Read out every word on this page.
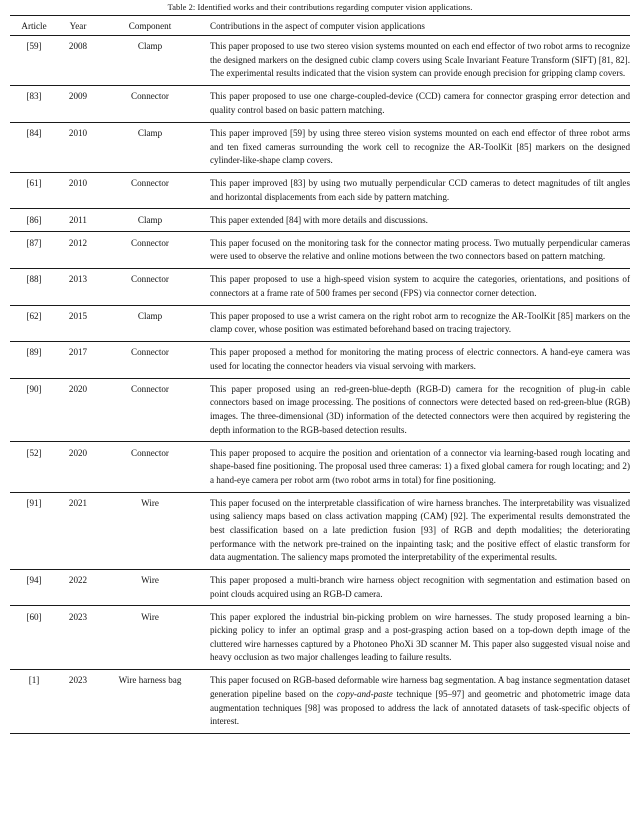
Table 2: Identified works and their contributions regarding computer vision applications.

Article	Year	Component	Contributions in the aspect of computer vision applications

[59]	2008	Clamp	This paper proposed to use two stereo vision systems mounted on each end effector of two robot arms to recognize the designed markers on the designed cubic clamp covers using Scale Invariant Feature Transform (SIFT) [81, 82]. The experimental results indicated that the vision system can provide enough precision for gripping clamp covers.
[83]	2009	Connector	This paper proposed to use one charge-coupled-device (CCD) camera for connector grasping error detection and quality control based on basic pattern matching.
[84]	2010	Clamp	This paper improved [59] by using three stereo vision systems mounted on each end effector of three robot arms and ten fixed cameras surrounding the work cell to recognize the AR-ToolKit [85] markers on the designed cylinder-like-shape clamp covers.
[61]	2010	Connector	This paper improved [83] by using two mutually perpendicular CCD cameras to detect magnitudes of tilt angles and horizontal displacements from each side by pattern matching.
[86]	2011	Clamp	This paper extended [84] with more details and discussions.
[87]	2012	Connector	This paper focused on the monitoring task for the connector mating process. Two mutually perpendicular cameras were used to observe the relative and online motions between the two connectors based on pattern matching.
[88]	2013	Connector	This paper proposed to use a high-speed vision system to acquire the categories, orientations, and positions of connectors at a frame rate of 500 frames per second (FPS) via connector corner detection.
[62]	2015	Clamp	This paper proposed to use a wrist camera on the right robot arm to recognize the AR-ToolKit [85] markers on the clamp cover, whose position was estimated beforehand based on tracing trajectory.
[89]	2017	Connector	This paper proposed a method for monitoring the mating process of electric connectors. A hand-eye camera was used for locating the connector headers via visual servoing with markers.
[90]	2020	Connector	This paper proposed using an red-green-blue-depth (RGB-D) camera for the recognition of plug-in cable connectors based on image processing. The positions of connectors were detected based on red-green-blue (RGB) images. The three-dimensional (3D) information of the detected connectors were then acquired by registering the depth information to the RGB-based detection results.
[52]	2020	Connector	This paper proposed to acquire the position and orientation of a connector via learning-based rough locating and shape-based fine positioning. The proposal used three cameras: 1) a fixed global camera for rough locating; and 2) a hand-eye camera per robot arm (two robot arms in total) for fine positioning.
[91]	2021	Wire	This paper focused on the interpretable classification of wire harness branches. The interpretability was visualized using saliency maps based on class activation mapping (CAM) [92]. The experimental results demonstrated the best classification based on a late prediction fusion [93] of RGB and depth modalities; the deteriorating performance with the network pre-trained on the inpainting task; and the positive effect of elastic transform for data augmentation. The saliency maps promoted the interpretability of the experimental results.
[94]	2022	Wire	This paper proposed a multi-branch wire harness object recognition with segmentation and estimation based on point clouds acquired using an RGB-D camera.
[60]	2023	Wire	This paper explored the industrial bin-picking problem on wire harnesses. The study proposed learning a bin-picking policy to infer an optimal grasp and a post-grasping action based on a top-down depth image of the cluttered wire harnesses captured by a Photoneo PhoXi 3D scanner M. This paper also suggested visual noise and heavy occlusion as two major challenges leading to failure results.
[1]	2023	Wire harness bag	This paper focused on RGB-based deformable wire harness bag segmentation. A bag instance segmentation dataset generation pipeline based on the copy-and-paste technique [95–97] and geometric and photometric image data augmentation techniques [98] was proposed to address the lack of annotated datasets of task-specific objects of interest.
